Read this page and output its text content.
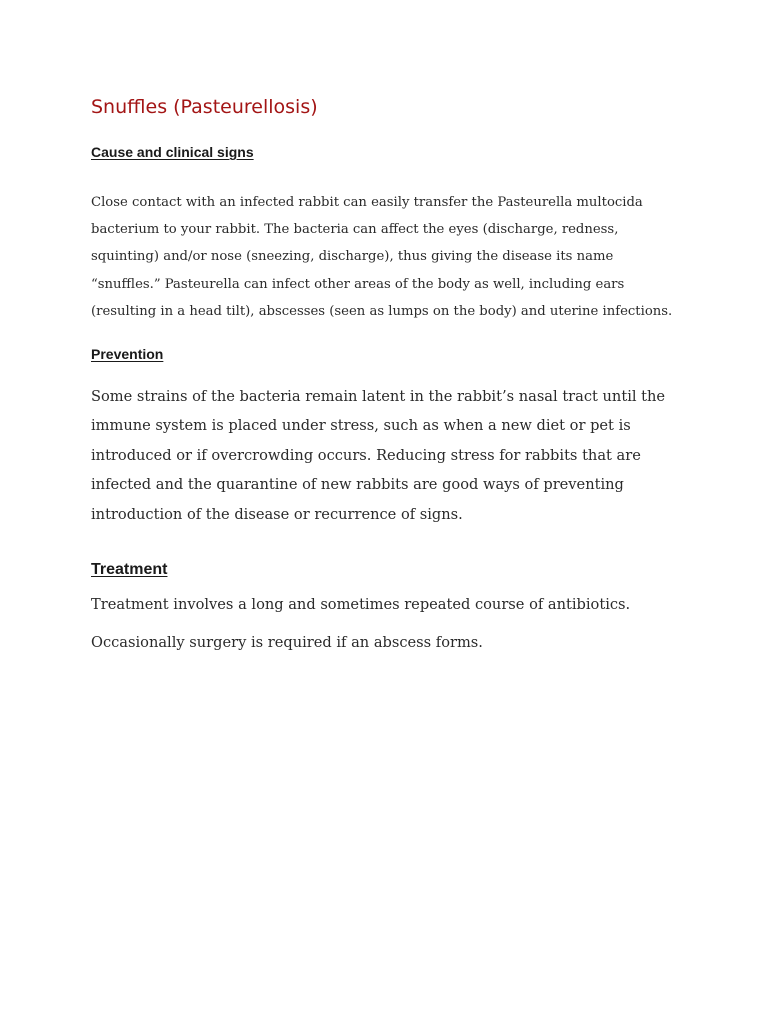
Snuffles (Pasteurellosis)
Cause and clinical signs
Close contact with an infected rabbit can easily transfer the Pasteurella multocida
bacterium to your rabbit. The bacteria can affect the eyes (discharge, redness,
squinting) and/or nose (sneezing, discharge), thus giving the disease its name
“snuffles.” Pasteurella can infect other areas of the body as well, including ears
(resulting in a head tilt), abscesses (seen as lumps on the body) and uterine infections.
Prevention
Some strains of the bacteria remain latent in the rabbit’s nasal tract until the
immune system is placed under stress, such as when a new diet or pet is
introduced or if overcrowding occurs. Reducing stress for rabbits that are
infected and the quarantine of new rabbits are good ways of preventing
introduction of the disease or recurrence of signs.
Treatment

Treatment involves a long and sometimes repeated course of antibiotics.

Occasionally surgery is required if an abscess forms.
